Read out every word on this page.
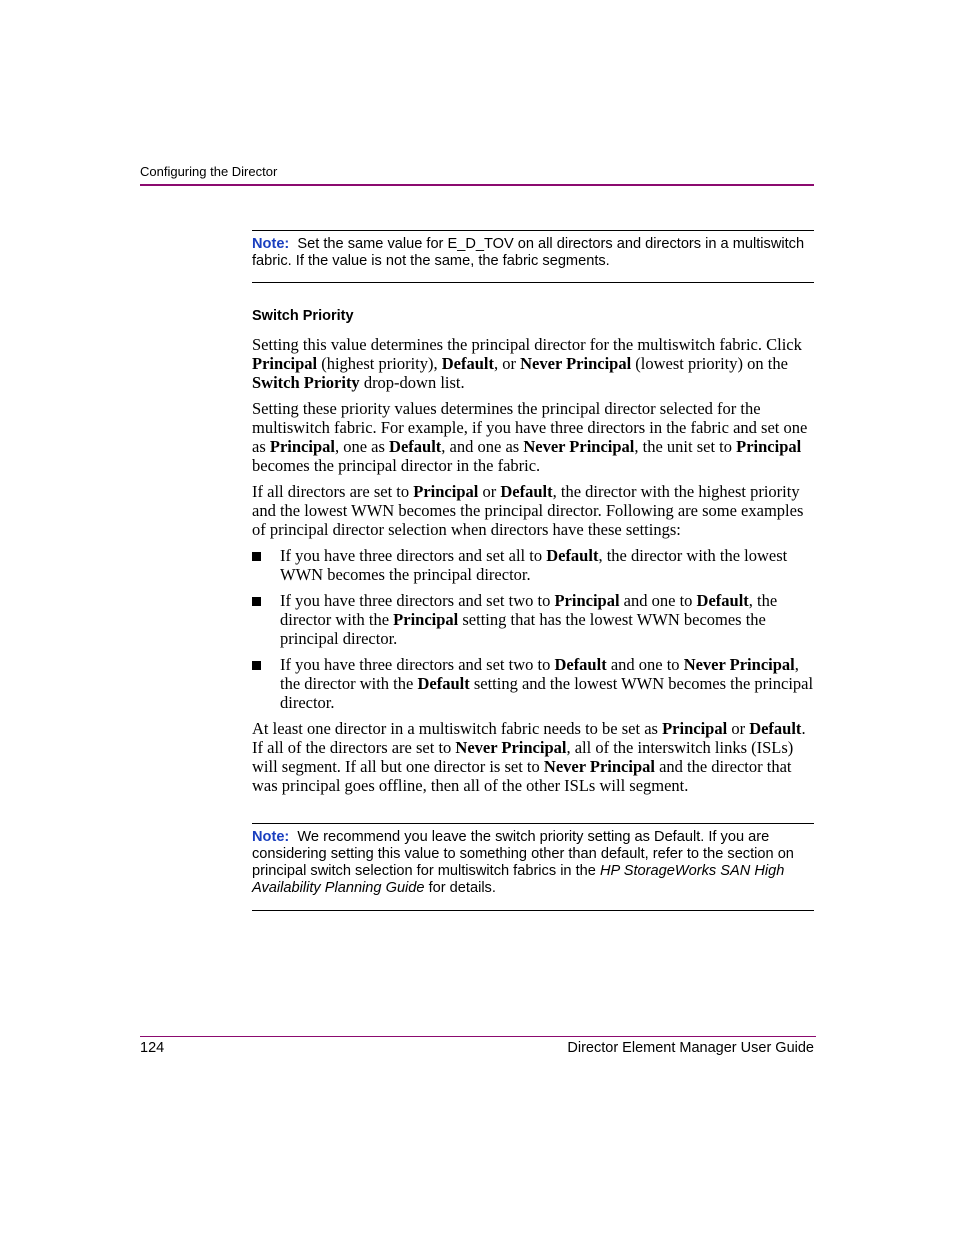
Configuring the Director
Note: Set the same value for E_D_TOV on all directors and directors in a multiswitch fabric. If the value is not the same, the fabric segments.
Switch Priority

Setting this value determines the principal director for the multiswitch fabric. Click Principal (highest priority), Default, or Never Principal (lowest priority) on the Switch Priority drop-down list.

Setting these priority values determines the principal director selected for the multiswitch fabric. For example, if you have three directors in the fabric and set one as Principal, one as Default, and one as Never Principal, the unit set to Principal becomes the principal director in the fabric.

If all directors are set to Principal or Default, the director with the highest priority and the lowest WWN becomes the principal director. Following are some examples of principal director selection when directors have these settings:

If you have three directors and set all to Default, the director with the lowest WWN becomes the principal director.
If you have three directors and set two to Principal and one to Default, the director with the Principal setting that has the lowest WWN becomes the principal director.
If you have three directors and set two to Default and one to Never Principal, the director with the Default setting and the lowest WWN becomes the principal director.

At least one director in a multiswitch fabric needs to be set as Principal or Default. If all of the directors are set to Never Principal, all of the interswitch links (ISLs) will segment. If all but one director is set to Never Principal and the director that was principal goes offline, then all of the other ISLs will segment.

Note: We recommend you leave the switch priority setting as Default. If you are considering setting this value to something other than default, refer to the section on principal switch selection for multiswitch fabrics in the HP StorageWorks SAN High Availability Planning Guide for details.
124	Director Element Manager User Guide
